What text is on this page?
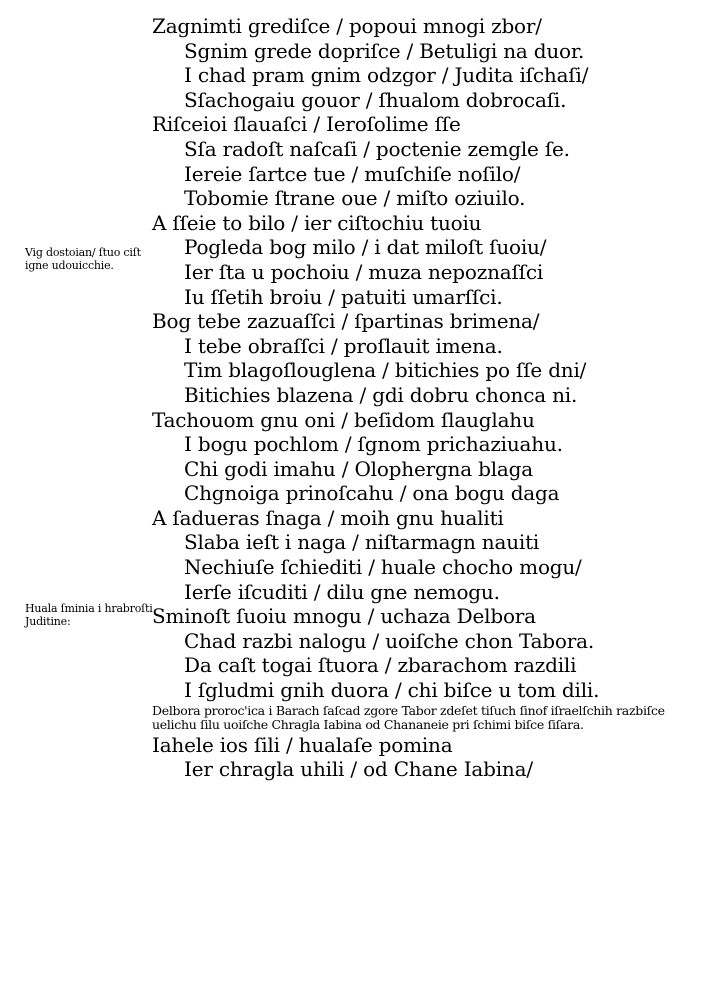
Vig dostoian/ ſtuo ciſt igne udouicchie.
Huala ſminia i hrabroſti Juditine:
Zagnimti grediſce / popoui mnogi zbor/
Sgnim grede dopriſce / Betuligi na duor.
I chad pram gnim odzgor / Judita iſchaſi/
Sſachogaiu gouor / ſhualom dobrocaſi.
Riſceioi ſlauaſci / Ieroſolime ſſe
Sſa radoſt naſcaſi / poctenie zemgle ſe.
Iereie ſartce tue / muſchiſe noſilo/
Tobomie ſtrane oue / miſto oziuilo.
A ſſeie to bilo / ier ciſtochiu tuoiu
Pogleda bog milo / i dat miloſt ſuoiu/
Ier ſta u pochoiu / muza nepoznaſſci
Iu ſſetih broiu / patuiti umarſſci.
Bog tebe zazuaſſci / ſpartinas brimena/
I tebe obraſſci / proſlauit imena.
Tim blagoſlouglena / bitichies po ſſe dni/
Bitichies blazena / gdi dobru chonca ni.
Tachouom gnu oni / beſidom ſlauglahu
I bogu pochlom / ſgnom prichaziuahu.
Chi godi imahu / Olophergna blaga
Chgnoiga prinoſcahu / ona bogu daga
A ſadueras ſnaga / moih gnu hualiti
Slaba ieſt i naga / niſtarmagn nauiti
Nechiuſe ſchiediti / huale chocho mogu/
Ierſe iſcuditi / dilu gne nemogu.
Sminoſt ſuoiu mnogu / uchaza Delbora
Chad razbi nalogu / uoiſche chon Tabora.
Da caſt togai ſtuora / zbarachom razdili
I ſgludmi gnih duora / chi biſce u tom dili.
Delbora proroc'ica i Barach ſaſcad zgore Tabor zdeſet tiſuch ſinof iſraelſchih razbiſce uelichu ſilu uoiſche Chragla Iabina od Chananeie pri ſchimi biſce ſiſara.
Iahele ios ſili / hualaſe pomina
Ier chragla uhili / od Chane Iabina/
